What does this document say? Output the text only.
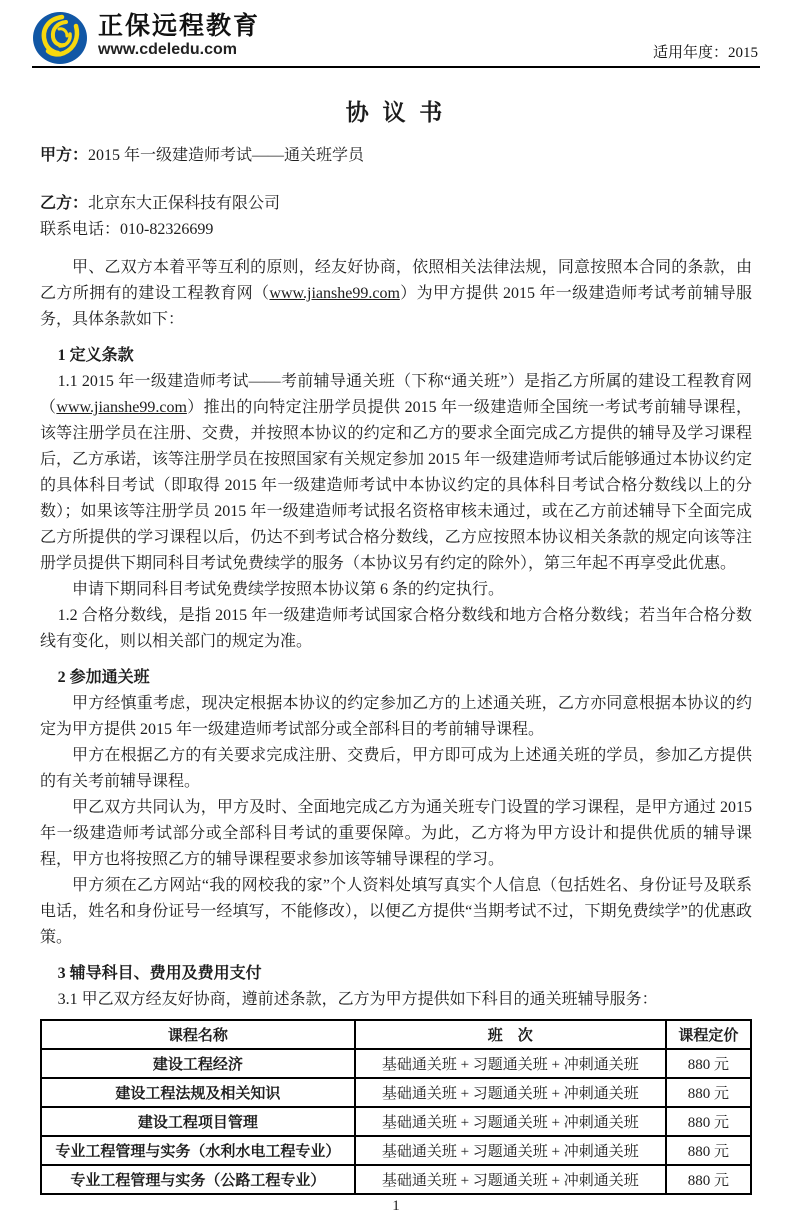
正保远程教育
www.cdeledu.com	适用年度：2015
协 议 书
甲方：2015 年一级建造师考试——通关班学员
乙方：北京东大正保科技有限公司
联系电话：010-82326699

甲、乙双方本着平等互利的原则，经友好协商，依照相关法律法规，同意按照本合同的条款，由乙方所拥有的建设工程教育网（www.jianshe99.com）为甲方提供 2015 年一级建造师考试考前辅导服务，具体条款如下：

1 定义条款

1.1 2015 年一级建造师考试——考前辅导通关班（下称“通关班”）是指乙方所属的建设工程教育网（www.jianshe99.com）推出的向特定注册学员提供 2015 年一级建造师全国统一考试考前辅导课程，该等注册学员在注册、交费，并按照本协议的约定和乙方的要求全面完成乙方提供的辅导及学习课程后，乙方承诺，该等注册学员在按照国家有关规定参加 2015 年一级建造师考试后能够通过本协议约定的具体科目考试（即取得 2015 年一级建造师考试中本协议约定的具体科目考试合格分数线以上的分数）；如果该等注册学员 2015 年一级建造师考试报名资格审核未通过，或在乙方前述辅导下全面完成乙方所提供的学习课程以后，仍达不到考试合格分数线，乙方应按照本协议相关条款的规定向该等注册学员提供下期同科目考试免费续学的服务（本协议另有约定的除外），第三年起不再享受此优惠。

申请下期同科目考试免费续学按照本协议第 6 条的约定执行。

1.2 合格分数线，是指 2015 年一级建造师考试国家合格分数线和地方合格分数线；若当年合格分数线有变化，则以相关部门的规定为准。

2 参加通关班

甲方经慎重考虑，现决定根据本协议的约定参加乙方的上述通关班，乙方亦同意根据本协议的约定为甲方提供 2015 年一级建造师考试部分或全部科目的考前辅导课程。

甲方在根据乙方的有关要求完成注册、交费后，甲方即可成为上述通关班的学员，参加乙方提供的有关考前辅导课程。

甲乙双方共同认为，甲方及时、全面地完成乙方为通关班专门设置的学习课程，是甲方通过 2015 年一级建造师考试部分或全部科目考试的重要保障。为此，乙方将为甲方设计和提供优质的辅导课程，甲方也将按照乙方的辅导课程要求参加该等辅导课程的学习。

甲方须在乙方网站“我的网校我的家”个人资料处填写真实个人信息（包括姓名、身份证号及联系电话，姓名和身份证号一经填写，不能修改），以便乙方提供“当期考试不过，下期免费续学”的优惠政策。

3 辅导科目、费用及费用支付

3.1 甲乙双方经友好协商，遵前述条款，乙方为甲方提供如下科目的通关班辅导服务：

课程名称	班　次	课程定价
建设工程经济	基础通关班 + 习题通关班 + 冲刺通关班	880 元
建设工程法规及相关知识	基础通关班 + 习题通关班 + 冲刺通关班	880 元
建设工程项目管理	基础通关班 + 习题通关班 + 冲刺通关班	880 元
专业工程管理与实务（水利水电工程专业）	基础通关班 + 习题通关班 + 冲刺通关班	880 元
专业工程管理与实务（公路工程专业）	基础通关班 + 习题通关班 + 冲刺通关班	880 元
1
